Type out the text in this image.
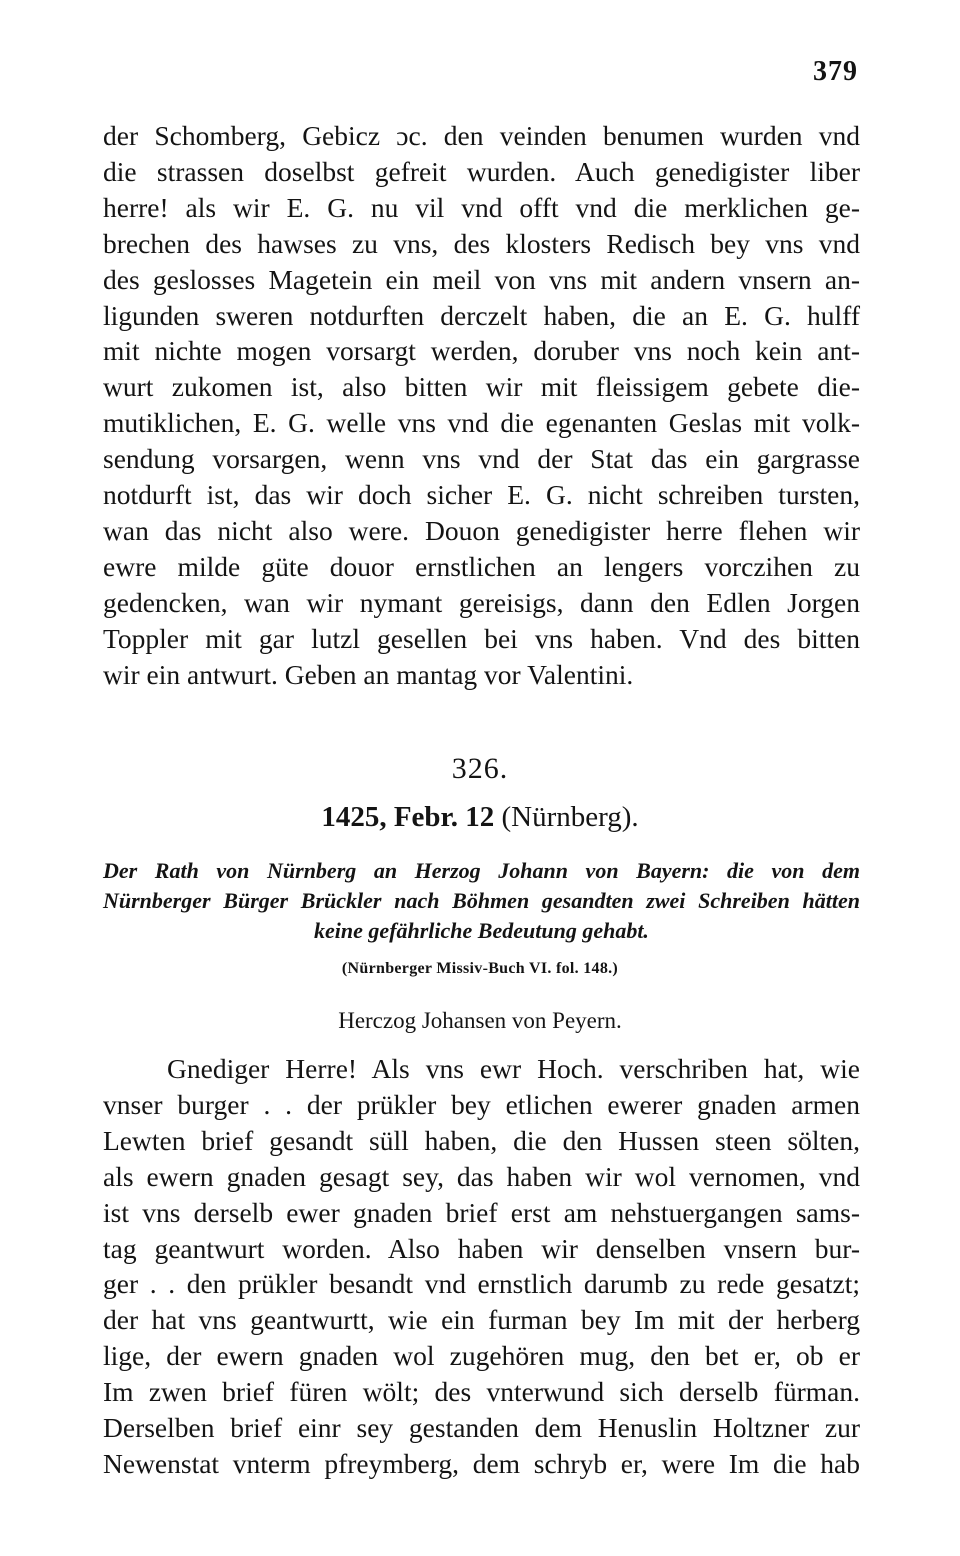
379
der Schomberg, Gebicz ɔc. den veinden benumen wurden vnd
die strassen doselbst gefreit wurden. Auch genedigister liber
herre! als wir E. G. nu vil vnd offt vnd die merklichen ge-
brechen des hawses zu vns, des klosters Redisch bey vns vnd
des geslosses Magetein ein meil von vns mit andern vnsern an-
ligunden sweren notdurften derczelt haben, die an E. G. hulff
mit nichte mogen vorsargt werden, doruber vns noch kein ant-
wurt zukomen ist, also bitten wir mit fleissigem gebete die-
mutiklichen, E. G. welle vns vnd die egenanten Geslas mit volk-
sendung vorsargen, wenn vns vnd der Stat das ein gargrasse
notdurft ist, das wir doch sicher E. G. nicht schreiben tursten,
wan das nicht also were. Douon genedigister herre flehen wir
ewre milde güte douor ernstlichen an lengers vorczihen zu
gedencken, wan wir nymant gereisigs, dann den Edlen Jorgen
Toppler mit gar lutzl gesellen bei vns haben. Vnd des bitten
wir ein antwurt. Geben an mantag vor Valentini.
326.
1425, Febr. 12 (Nürnberg).
Der Rath von Nürnberg an Herzog Johann von Bayern: die von dem
Nürnberger Bürger Brückler nach Böhmen gesandten zwei Schreiben hätten
keine gefährliche Bedeutung gehabt.
(Nürnberger Missiv-Buch VI. fol. 148.)
Herczog Johansen von Peyern.
Gnediger Herre! Als vns ewr Hoch. verschriben hat, wie
vnser burger . . der prükler bey etlichen ewerer gnaden armen
Lewten brief gesandt süll haben, die den Hussen steen sölten,
als ewern gnaden gesagt sey, das haben wir wol vernomen, vnd
ist vns derselb ewer gnaden brief erst am nehstuergangen sams-
tag geantwurt worden. Also haben wir denselben vnsern bur-
ger . . den prükler besandt vnd ernstlich darumb zu rede gesatzt;
der hat vns geantwurtt, wie ein furman bey Im mit der herberg
lige, der ewern gnaden wol zugehören mug, den bet er, ob er
Im zwen brief füren wölt; des vnterwund sich derselb fürman.
Derselben brief einr sey gestanden dem Henuslin Holtzner zur
Newenstat vnterm pfreymberg, dem schryb er, were Im die hab
